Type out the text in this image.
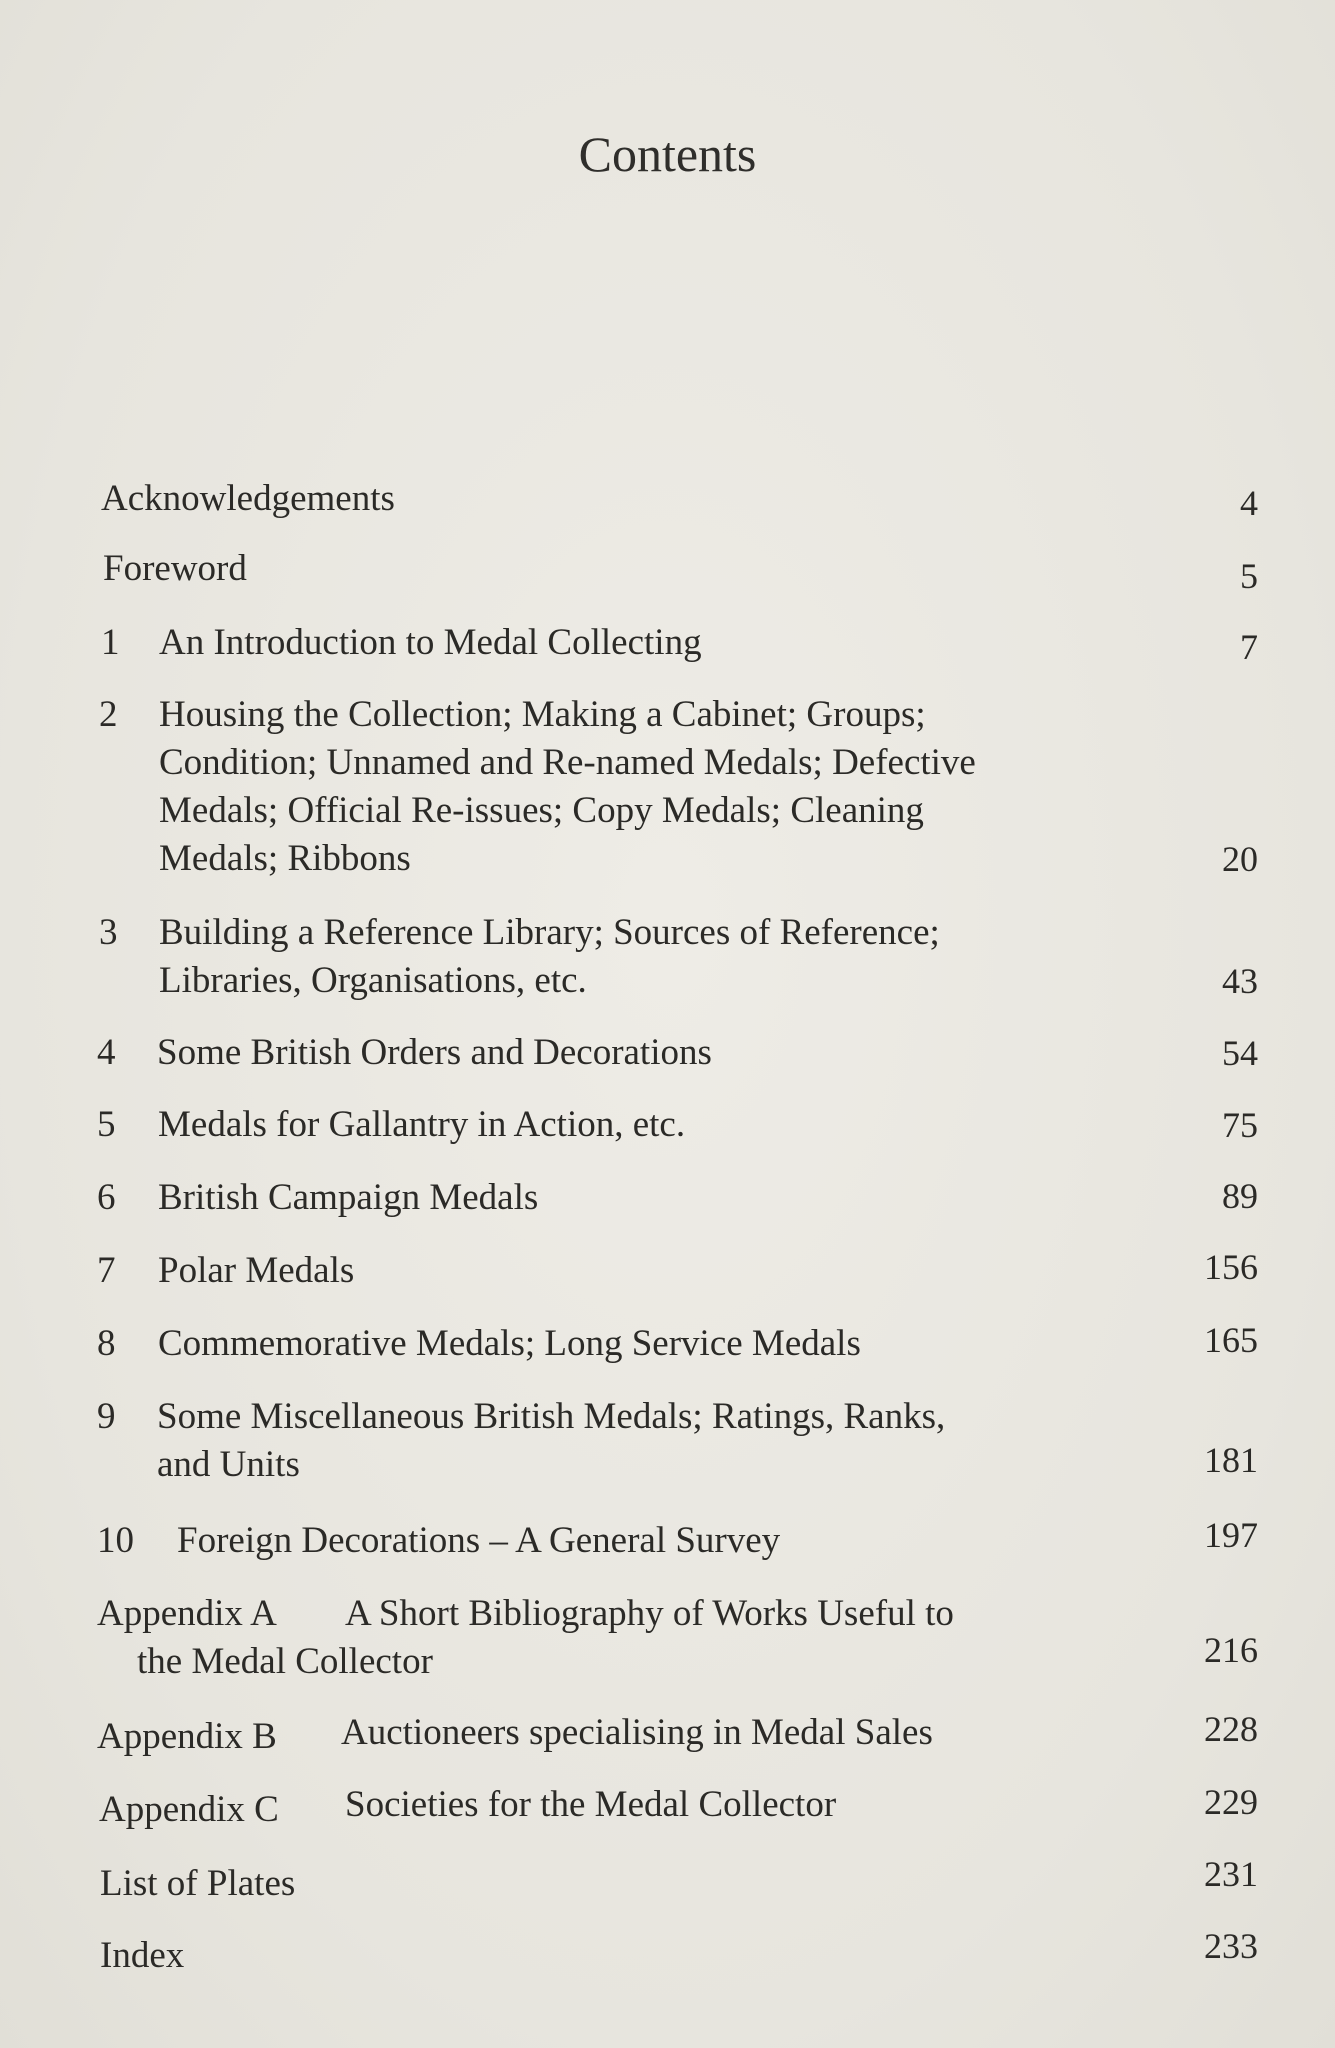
Contents
Acknowledgements	4
Foreword	5
1 An Introduction to Medal Collecting	7
2 Housing the Collection; Making a Cabinet; Groups;
Condition; Unnamed and Re-named Medals; Defective
Medals; Official Re-issues; Copy Medals; Cleaning
Medals; Ribbons	20
3 Building a Reference Library; Sources of Reference;
Libraries, Organisations, etc.	43
4 Some British Orders and Decorations	54
5 Medals for Gallantry in Action, etc.	75
6 British Campaign Medals	89
7 Polar Medals	156
8 Commemorative Medals; Long Service Medals	165
9 Some Miscellaneous British Medals; Ratings, Ranks,
and Units	181
10 Foreign Decorations – A General Survey	197
Appendix A A Short Bibliography of Works Useful to
the Medal Collector	216
Appendix B Auctioneers specialising in Medal Sales	228
Appendix C Societies for the Medal Collector	229
List of Plates	231
Index	233
